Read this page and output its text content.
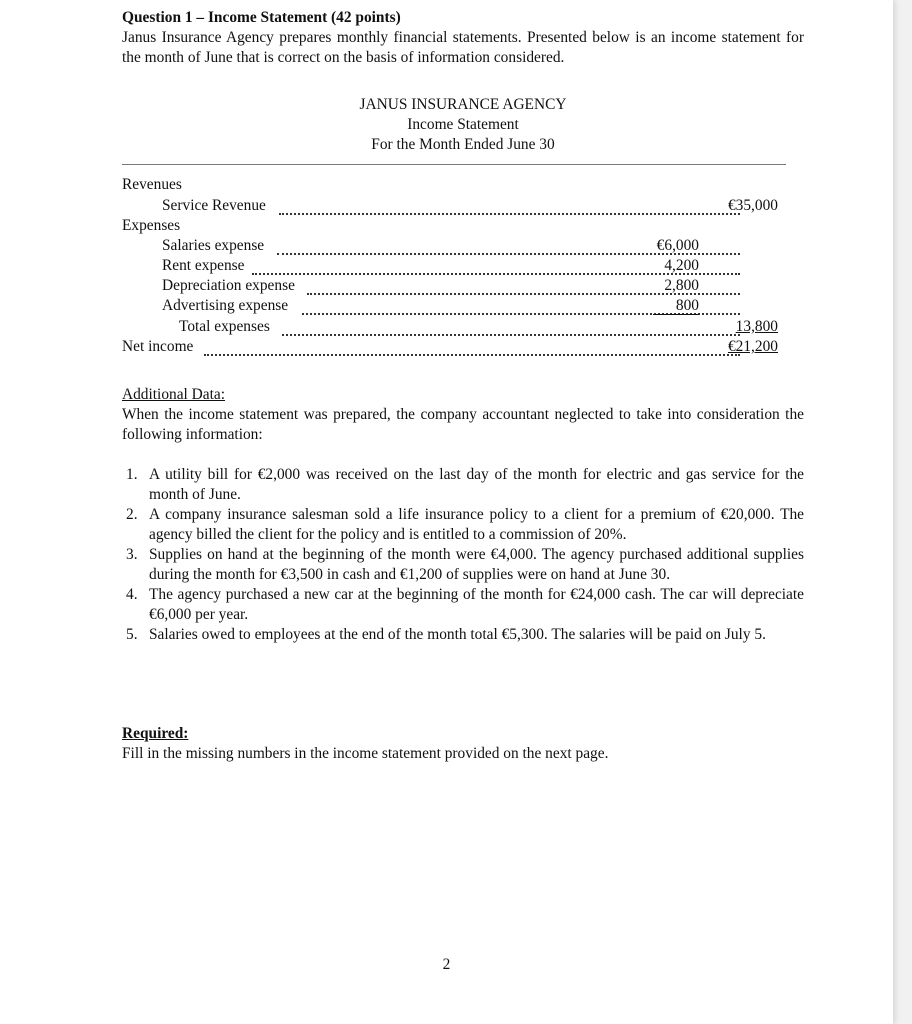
Question 1 – Income Statement (42 points)
Janus Insurance Agency prepares monthly financial statements. Presented below is an income statement for the month of June that is correct on the basis of information considered.
JANUS INSURANCE AGENCY
Income Statement
For the Month Ended June 30
Revenues
Service Revenue	€35,000
Expenses
Salaries expense	€6,000
Rent expense	4,200
Depreciation expense	2,800
Advertising expense	800
Total expenses	13,800
Net income	€21,200
Additional Data:
When the income statement was prepared, the company accountant neglected to take into consideration the following information:
1. A utility bill for €2,000 was received on the last day of the month for electric and gas service for the month of June.
2. A company insurance salesman sold a life insurance policy to a client for a premium of €20,000. The agency billed the client for the policy and is entitled to a commission of 20%.
3. Supplies on hand at the beginning of the month were €4,000. The agency purchased additional supplies during the month for €3,500 in cash and €1,200 of supplies were on hand at June 30.
4. The agency purchased a new car at the beginning of the month for €24,000 cash. The car will depreciate €6,000 per year.
5. Salaries owed to employees at the end of the month total €5,300. The salaries will be paid on July 5.
Required:
Fill in the missing numbers in the income statement provided on the next page.
2
